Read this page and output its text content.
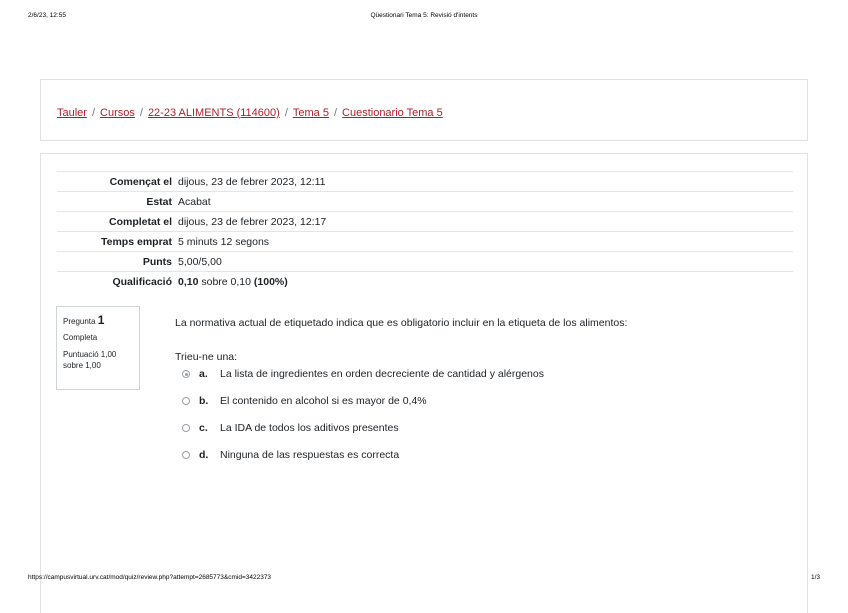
2/6/23, 12:55	Qüestionari Tema 5: Revisió d'intents
Tauler / Cursos / 22-23 ALIMENTS (114600) / Tema 5 / Cuestionario Tema 5
Començat el	dijous, 23 de febrer 2023, 12:11
Estat	Acabat
Completat el	dijous, 23 de febrer 2023, 12:17
Temps emprat	5 minuts 12 segons
Punts	5,00/5,00
Qualificació	0,10 sobre 0,10 (100%)
Pregunta 1
Completa
Puntuació 1,00
sobre 1,00

La normativa actual de etiquetado indica que es obligatorio incluir en la etiqueta de los alimentos:

Trieu-ne una:

a.	La lista de ingredientes en orden decreciente de cantidad y alérgenos
b.	El contenido en alcohol si es mayor de 0,4%
c.	La IDA de todos los aditivos presentes
d.	Ninguna de las respuestas es correcta
https://campusvirtual.urv.cat/mod/quiz/review.php?attempt=2685773&cmid=3422373	1/3
